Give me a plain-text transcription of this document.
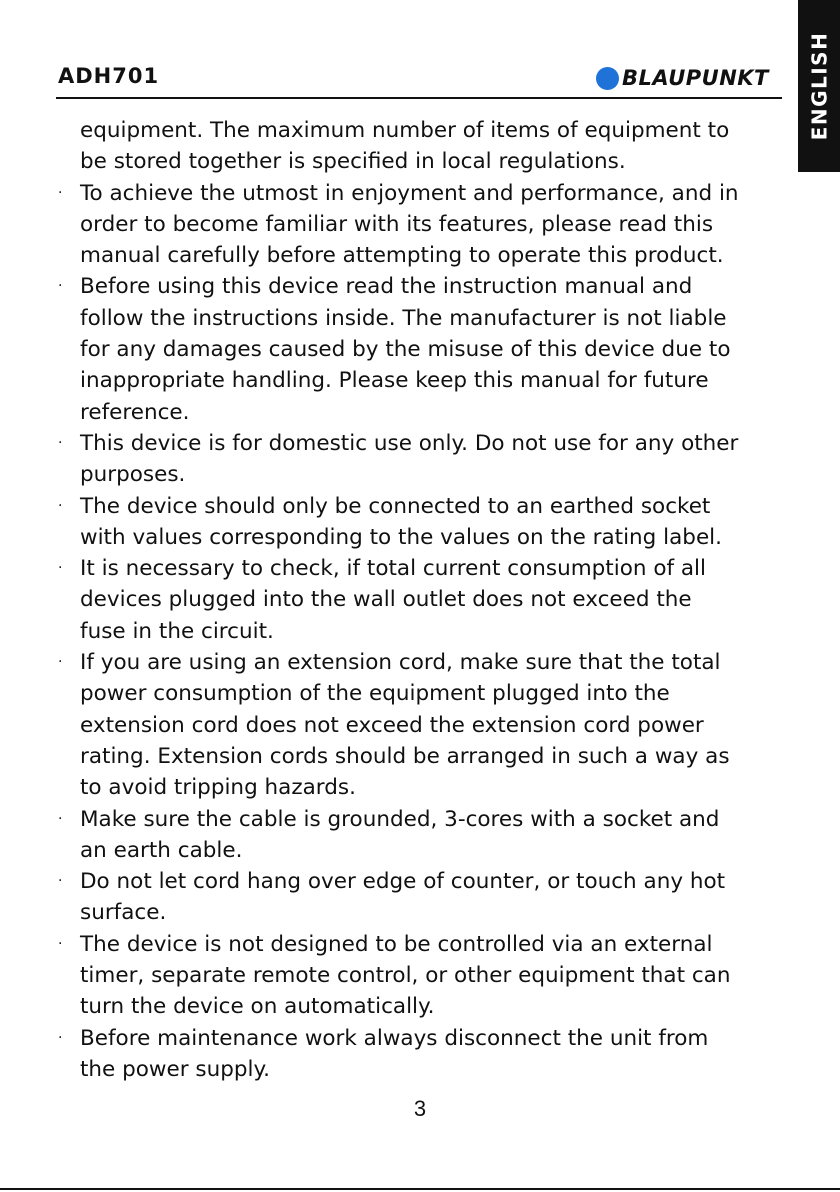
ADH701	BLAUPUNKT ENGLISH

equipment. The maximum number of items of equipment to
be stored together is specified in local regulations.

· To achieve the utmost in enjoyment and performance, and in
order to become familiar with its features, please read this
manual carefully before attempting to operate this product.
· Before using this device read the instruction manual and
follow the instructions inside. The manufacturer is not liable
for any damages caused by the misuse of this device due to
inappropriate handling. Please keep this manual for future
reference.
· This device is for domestic use only. Do not use for any other
purposes.
· The device should only be connected to an earthed socket
with values corresponding to the values on the rating label.
· It is necessary to check, if total current consumption of all
devices plugged into the wall outlet does not exceed the
fuse in the circuit.
· If you are using an extension cord, make sure that the total
power consumption of the equipment plugged into the
extension cord does not exceed the extension cord power
rating. Extension cords should be arranged in such a way as
to avoid tripping hazards.
· Make sure the cable is grounded, 3-cores with a socket and
an earth cable.
· Do not let cord hang over edge of counter, or touch any hot
surface.
· The device is not designed to be controlled via an external
timer, separate remote control, or other equipment that can
turn the device on automatically.
· Before maintenance work always disconnect the unit from
the power supply.
3
